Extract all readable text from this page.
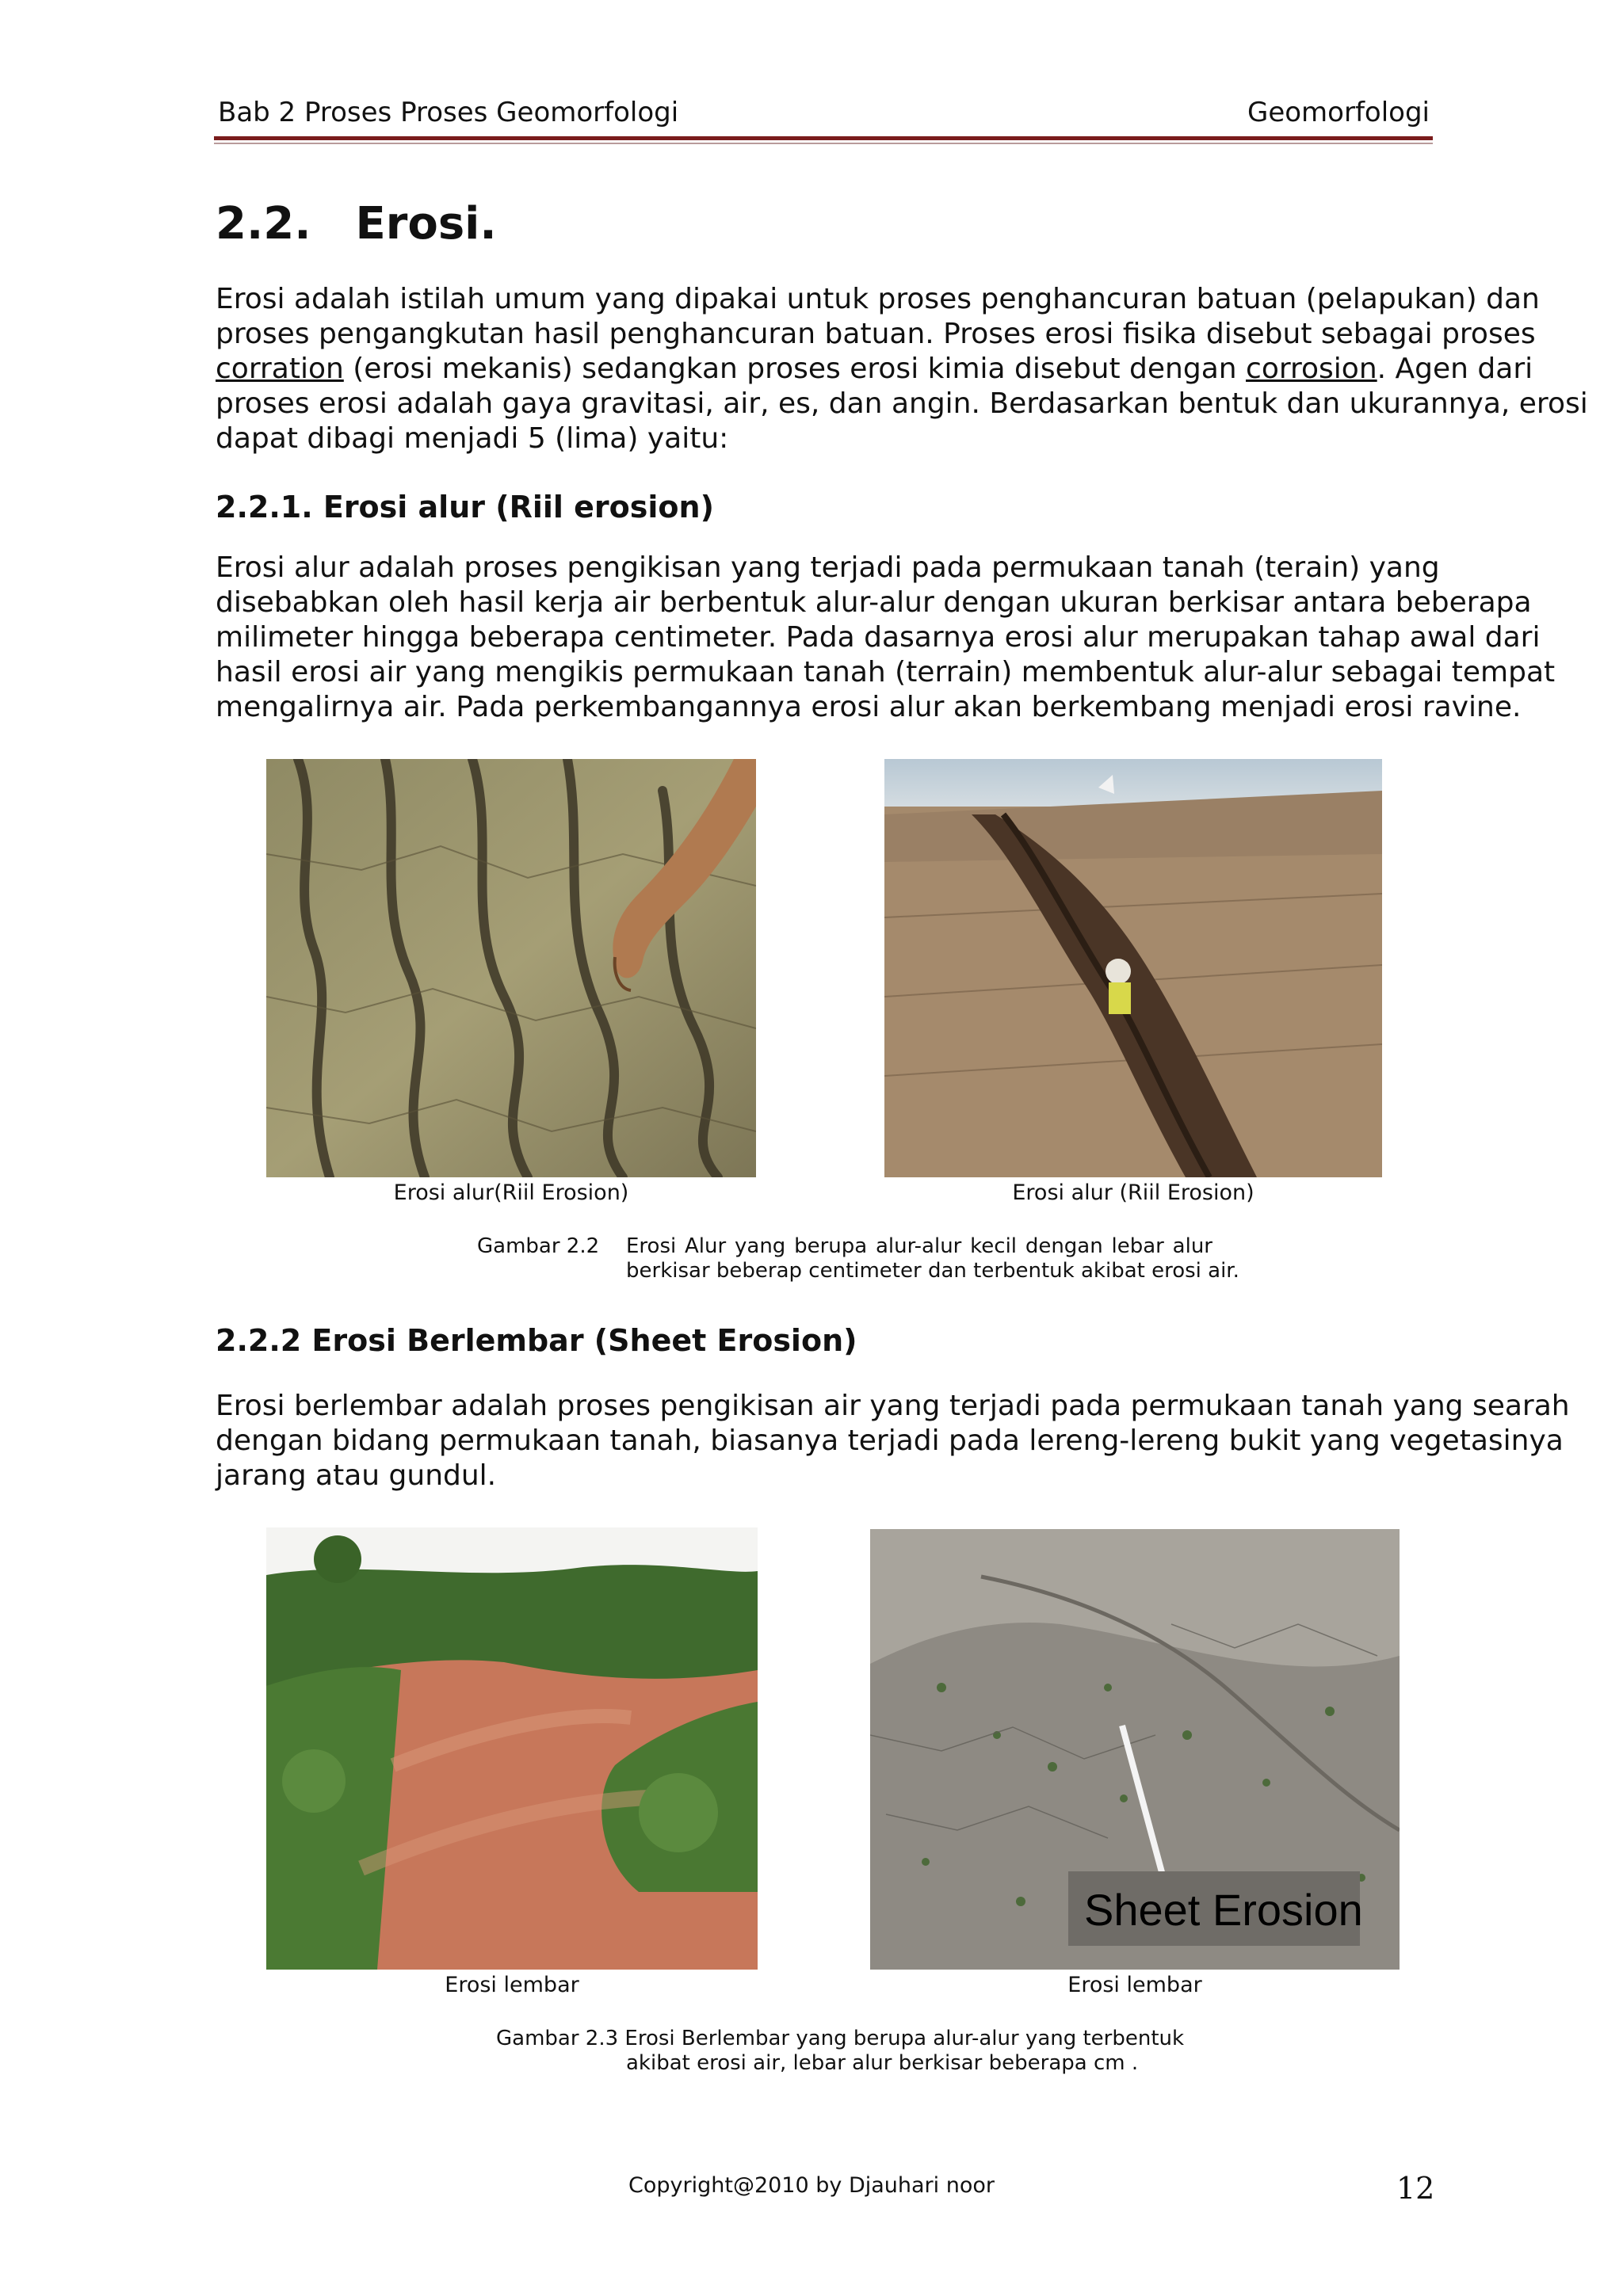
Bab 2 Proses Proses Geomorfologi	Geomorfologi
2.2. Erosi.
Erosi adalah istilah umum yang dipakai untuk proses penghancuran batuan (pelapukan) dan
proses pengangkutan hasil penghancuran batuan. Proses erosi fisika disebut sebagai proses
corration (erosi mekanis) sedangkan proses erosi kimia disebut dengan corrosion. Agen dari
proses erosi adalah gaya gravitasi, air, es, dan angin. Berdasarkan bentuk dan ukurannya, erosi
dapat dibagi menjadi 5 (lima) yaitu:
2.2.1. Erosi alur (Riil erosion)
Erosi alur adalah proses pengikisan yang terjadi pada permukaan tanah (terain) yang
disebabkan oleh hasil kerja air berbentuk alur-alur dengan ukuran berkisar antara beberapa
milimeter hingga beberapa centimeter. Pada dasarnya erosi alur merupakan tahap awal dari
hasil erosi air yang mengikis permukaan tanah (terrain) membentuk alur-alur sebagai tempat
mengalirnya air. Pada perkembangannya erosi alur akan berkembang menjadi erosi ravine.
Erosi alur(Riil Erosion)	Erosi alur (Riil Erosion)
Gambar 2.2 Erosi Alur yang berupa alur-alur kecil dengan lebar alur
berkisar beberap centimeter dan terbentuk akibat erosi air.
2.2.2 Erosi Berlembar (Sheet Erosion)
Erosi berlembar adalah proses pengikisan air yang terjadi pada permukaan tanah yang searah
dengan bidang permukaan tanah, biasanya terjadi pada lereng-lereng bukit yang vegetasinya
jarang atau gundul.
Sheet Erosion
Erosi lembar	Erosi lembar
Gambar 2.3 Erosi Berlembar yang berupa alur-alur yang terbentuk
akibat erosi air, lebar alur berkisar beberapa cm .
Copyright@2010 by Djauhari noor	12
